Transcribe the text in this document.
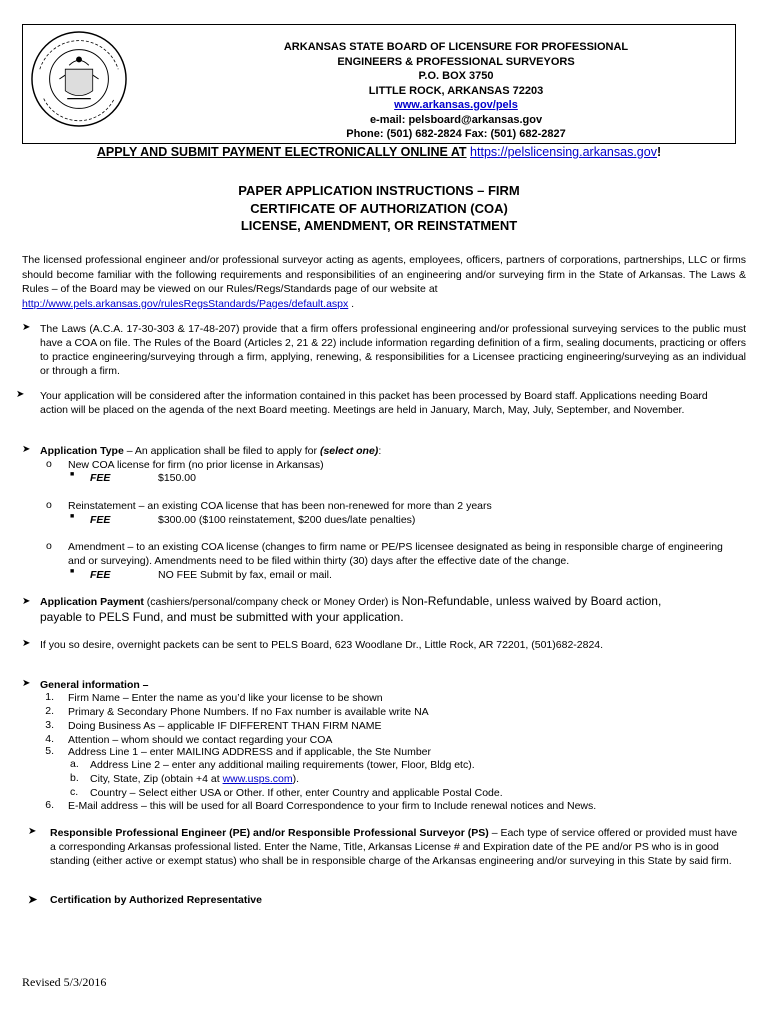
ARKANSAS STATE BOARD OF LICENSURE FOR PROFESSIONAL
ENGINEERS & PROFESSIONAL SURVEYORS
P.O. BOX 3750
LITTLE ROCK, ARKANSAS 72203
www.arkansas.gov/pels
e-mail: pelsboard@arkansas.gov
Phone: (501) 682-2824 Fax: (501) 682-2827
APPLY AND SUBMIT PAYMENT ELECTRONICALLY ONLINE AT https://pelslicensing.arkansas.gov!
PAPER APPLICATION INSTRUCTIONS – FIRM
CERTIFICATE OF AUTHORIZATION (COA)
LICENSE, AMENDMENT, OR REINSTATMENT
The licensed professional engineer and/or professional surveyor acting as agents, employees, officers, partners of corporations, partnerships, LLC or firms should become familiar with the following requirements and responsibilities of an engineering and/or surveying firm in the State of Arkansas. The Laws & Rules – of the Board may be viewed on our Rules/Regs/Standards page of our website at
http://www.pels.arkansas.gov/rulesRegsStandards/Pages/default.aspx .
➤ The Laws (A.C.A. 17-30-303 & 17-48-207) provide that a firm offers professional engineering and/or professional surveying services to the public must have a COA on file. The Rules of the Board (Articles 2, 21 & 22) include information regarding definition of a firm, sealing documents, practicing or offers to practice engineering/surveying through a firm, applying, renewing, & responsibilities for a Licensee practicing engineering/surveying as an individual or through a firm.
➤ Your application will be considered after the information contained in this packet has been processed by Board staff. Applications needing Board action will be placed on the agenda of the next Board meeting. Meetings are held in January, March, May, July, September, and November.
➤ Application Type – An application shall be filed to apply for (select one):
o New COA license for firm (no prior license in Arkansas)
■ FEE	$150.00
o Reinstatement – an existing COA license that has been non-renewed for more than 2 years
■ FEE	$300.00 ($100 reinstatement, $200 dues/late penalties)
o Amendment – to an existing COA license (changes to firm name or PE/PS licensee designated as being in responsible charge of engineering and or surveying). Amendments need to be filed within thirty (30) days after the effective date of the change.
■ FEE	NO FEE Submit by fax, email or mail.
➤ Application Payment (cashiers/personal/company check or Money Order) is Non-Refundable, unless waived by Board action,
payable to PELS Fund, and must be submitted with your application.
➤ If you so desire, overnight packets can be sent to PELS Board, 623 Woodlane Dr., Little Rock, AR 72201, (501)682-2824.
➤ General information –
1. Firm Name – Enter the name as you’d like your license to be shown
2. Primary & Secondary Phone Numbers. If no Fax number is available write NA
3. Doing Business As – applicable IF DIFFERENT THAN FIRM NAME
4. Attention – whom should we contact regarding your COA
5. Address Line 1 – enter MAILING ADDRESS and if applicable, the Ste Number
a. Address Line 2 – enter any additional mailing requirements (tower, Floor, Bldg etc).
b. City, State, Zip (obtain +4 at www.usps.com).
c. Country – Select either USA or Other. If other, enter Country and applicable Postal Code.
6. E-Mail address – this will be used for all Board Correspondence to your firm to Include renewal notices and News.
➤ Responsible Professional Engineer (PE) and/or Responsible Professional Surveyor (PS) – Each type of service offered or provided must have a corresponding Arkansas professional listed. Enter the Name, Title, Arkansas License # and Expiration date of the PE and/or PS who is in good standing (either active or exempt status) who shall be in responsible charge of the Arkansas engineering and/or surveying in this State by said firm.
➤ Certification by Authorized Representative
Revised 5/3/2016
